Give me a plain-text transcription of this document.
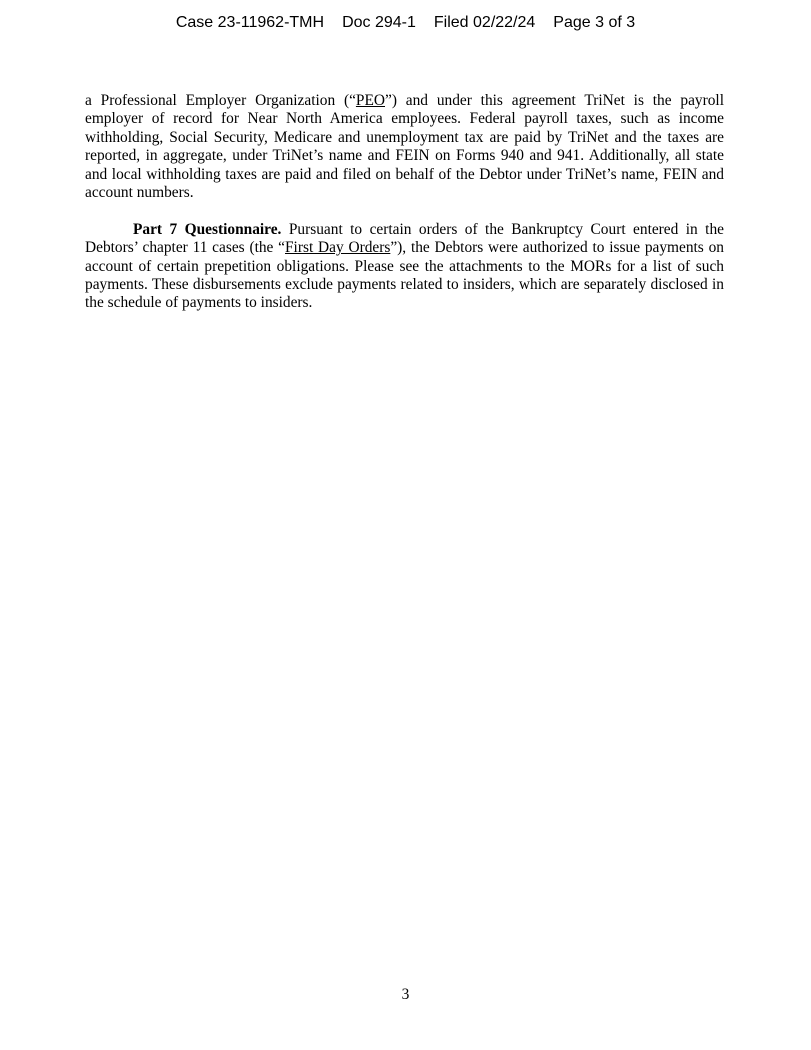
Case 23-11962-TMH Doc 294-1 Filed 02/22/24 Page 3 of 3

a Professional Employer Organization (“PEO”) and under this agreement TriNet is the payroll employer of record for Near North America employees. Federal payroll taxes, such as income withholding, Social Security, Medicare and unemployment tax are paid by TriNet and the taxes are reported, in aggregate, under TriNet’s name and FEIN on Forms 940 and 941. Additionally, all state and local withholding taxes are paid and filed on behalf of the Debtor under TriNet’s name, FEIN and account numbers.

Part 7 Questionnaire. Pursuant to certain orders of the Bankruptcy Court entered in the Debtors’ chapter 11 cases (the “First Day Orders”), the Debtors were authorized to issue payments on account of certain prepetition obligations. Please see the attachments to the MORs for a list of such payments. These disbursements exclude payments related to insiders, which are separately disclosed in the schedule of payments to insiders.

3
